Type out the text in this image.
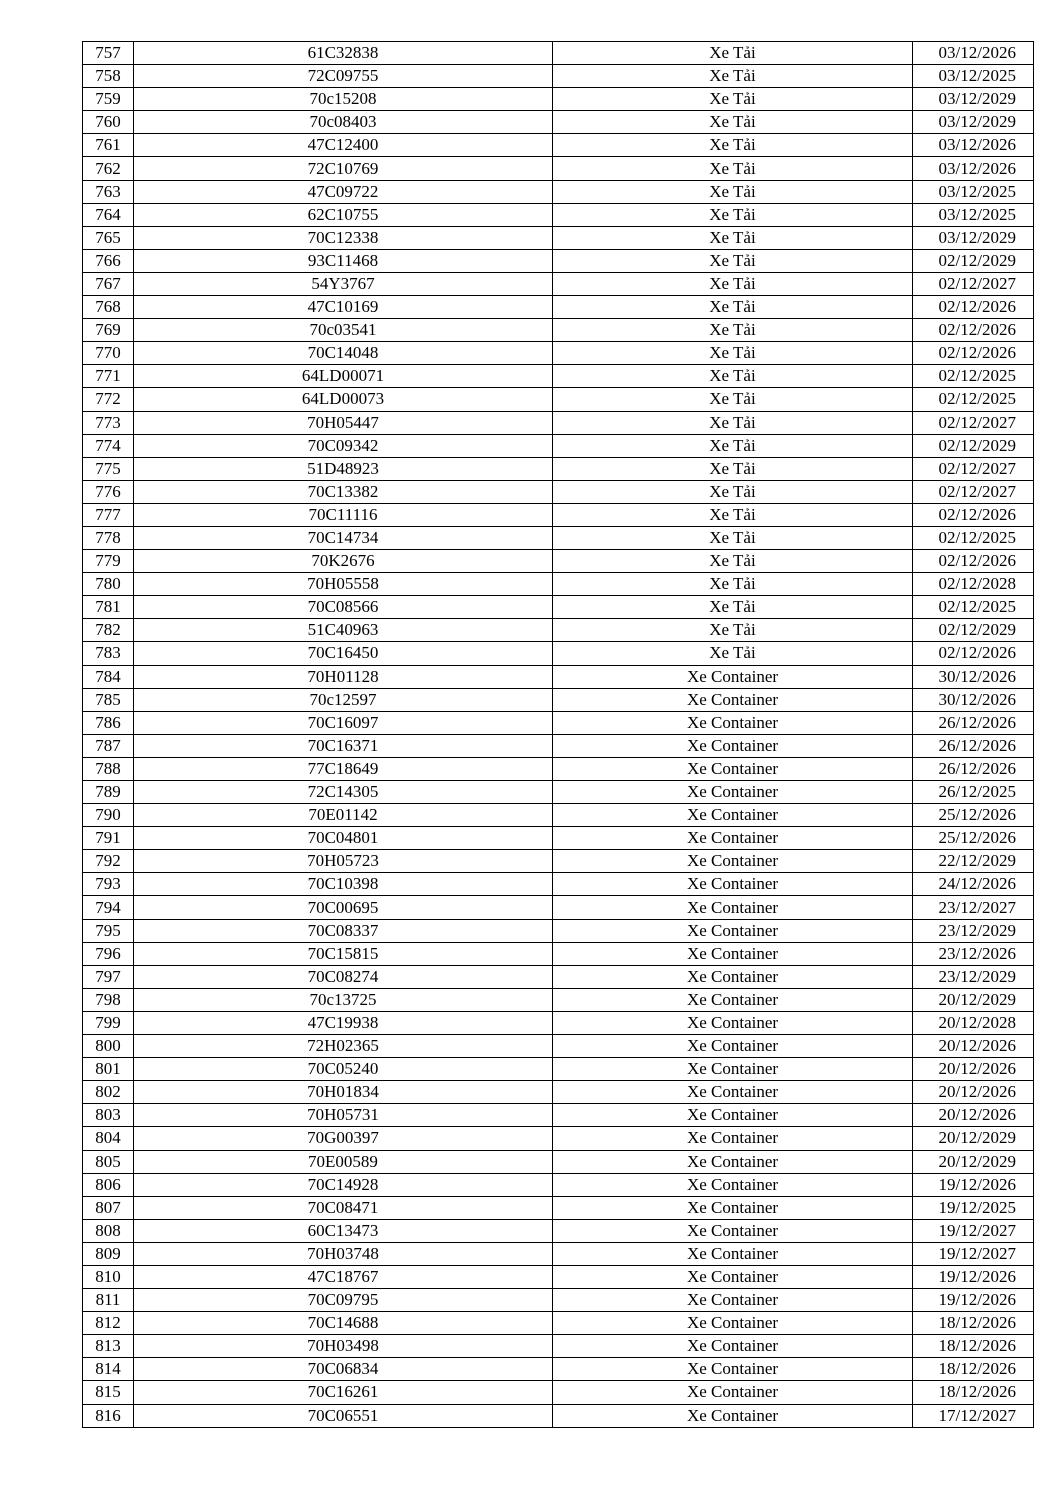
757	61C32838	Xe Tải	03/12/2026
758	72C09755	Xe Tải	03/12/2025
759	70c15208	Xe Tải	03/12/2029
760	70c08403	Xe Tải	03/12/2029
761	47C12400	Xe Tải	03/12/2026
762	72C10769	Xe Tải	03/12/2026
763	47C09722	Xe Tải	03/12/2025
764	62C10755	Xe Tải	03/12/2025
765	70C12338	Xe Tải	03/12/2029
766	93C11468	Xe Tải	02/12/2029
767	54Y3767	Xe Tải	02/12/2027
768	47C10169	Xe Tải	02/12/2026
769	70c03541	Xe Tải	02/12/2026
770	70C14048	Xe Tải	02/12/2026
771	64LD00071	Xe Tải	02/12/2025
772	64LD00073	Xe Tải	02/12/2025
773	70H05447	Xe Tải	02/12/2027
774	70C09342	Xe Tải	02/12/2029
775	51D48923	Xe Tải	02/12/2027
776	70C13382	Xe Tải	02/12/2027
777	70C11116	Xe Tải	02/12/2026
778	70C14734	Xe Tải	02/12/2025
779	70K2676	Xe Tải	02/12/2026
780	70H05558	Xe Tải	02/12/2028
781	70C08566	Xe Tải	02/12/2025
782	51C40963	Xe Tải	02/12/2029
783	70C16450	Xe Tải	02/12/2026
784	70H01128	Xe Container	30/12/2026
785	70c12597	Xe Container	30/12/2026
786	70C16097	Xe Container	26/12/2026
787	70C16371	Xe Container	26/12/2026
788	77C18649	Xe Container	26/12/2026
789	72C14305	Xe Container	26/12/2025
790	70E01142	Xe Container	25/12/2026
791	70C04801	Xe Container	25/12/2026
792	70H05723	Xe Container	22/12/2029
793	70C10398	Xe Container	24/12/2026
794	70C00695	Xe Container	23/12/2027
795	70C08337	Xe Container	23/12/2029
796	70C15815	Xe Container	23/12/2026
797	70C08274	Xe Container	23/12/2029
798	70c13725	Xe Container	20/12/2029
799	47C19938	Xe Container	20/12/2028
800	72H02365	Xe Container	20/12/2026
801	70C05240	Xe Container	20/12/2026
802	70H01834	Xe Container	20/12/2026
803	70H05731	Xe Container	20/12/2026
804	70G00397	Xe Container	20/12/2029
805	70E00589	Xe Container	20/12/2029
806	70C14928	Xe Container	19/12/2026
807	70C08471	Xe Container	19/12/2025
808	60C13473	Xe Container	19/12/2027
809	70H03748	Xe Container	19/12/2027
810	47C18767	Xe Container	19/12/2026
811	70C09795	Xe Container	19/12/2026
812	70C14688	Xe Container	18/12/2026
813	70H03498	Xe Container	18/12/2026
814	70C06834	Xe Container	18/12/2026
815	70C16261	Xe Container	18/12/2026
816	70C06551	Xe Container	17/12/2027
